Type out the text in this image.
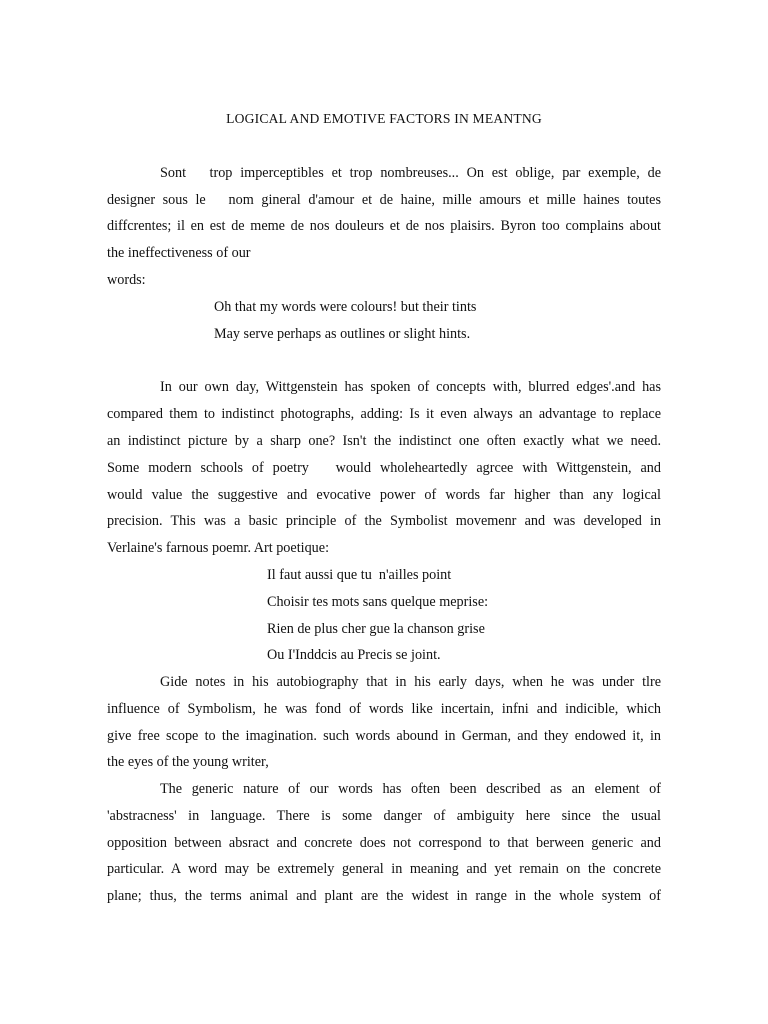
LOGICAL AND EMOTIVE FACTORS IN MEANTNG
Sont   trop imperceptibles et trop nombreuses... On est oblige, par exemple, de
designer sous le   nom gineral d'amour et de haine, mille amours et mille haines toutes
diffcrentes; il en est de meme de nos douleurs et de nos plaisirs. Byron too complains about
the ineffectiveness of our
words:
Oh that my words were colours! but their tints
May serve perhaps as outlines or slight hints.
In our own day, Wittgenstein has spoken of concepts with, blurred edges'.and has
compared them to indistinct photographs, adding: Is it even always an advantage to replace
an indistinct picture by a sharp one? Isn't the indistinct one often exactly what we need.
Some modern schools of poetry   would wholeheartedly agrcee with Wittgenstein, and
would value the suggestive and evocative power of words far higher than any logical
precision. This was a basic principle of the Symbolist movemenr and was developed in
Verlaine's farnous poemr. Art poetique:
Il faut aussi que tu  n'ailles point
Choisir tes mots sans quelque meprise:
Rien de plus cher gue la chanson grise
Ou I'Inddcis au Precis se joint.
Gide notes in his autobiography that in his early days, when he was under tlre
influence of Symbolism, he was fond of words like incertain, infni and indicible, which
give free scope to the imagination. such words abound in German, and they endowed it, in
the eyes of the young writer,
The generic nature of our words has often been described as an element of
'abstracness' in language. There is some danger of ambiguity here since the usual
opposition between absract and concrete does not correspond to that berween generic and
particular. A word may be extremely general in meaning and yet remain on the concrete
plane; thus, the terms animal and plant are the widest in range in the whole system of
